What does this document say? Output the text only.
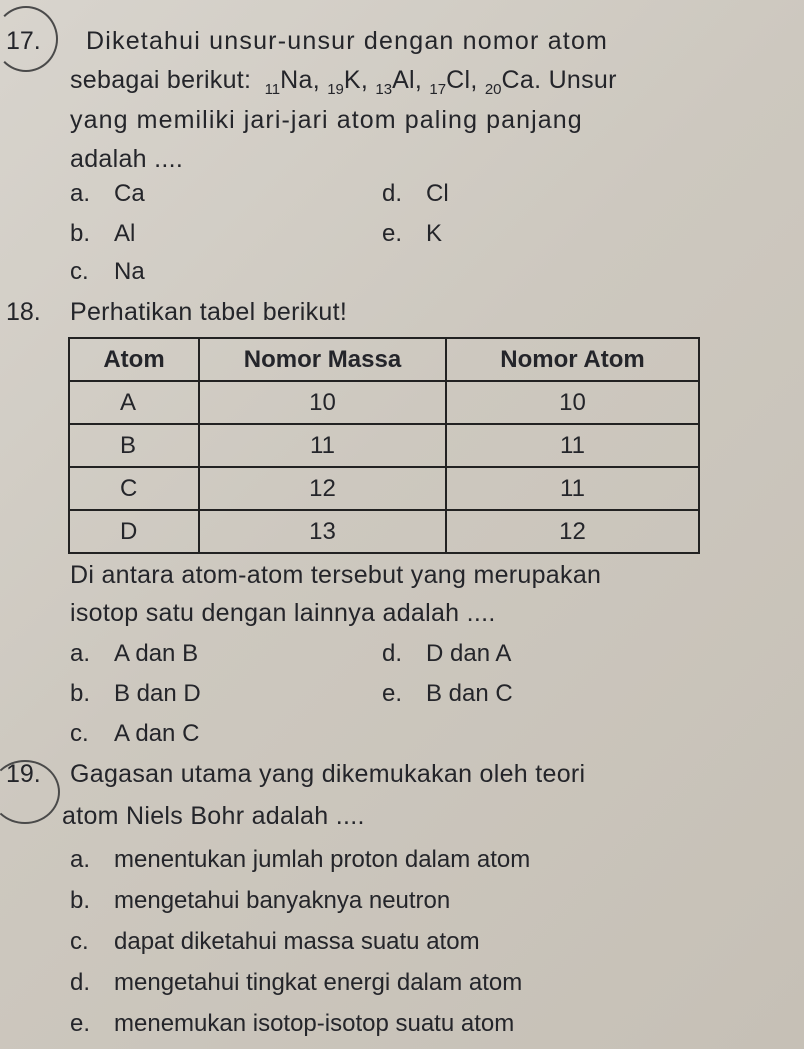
17. Diketahui unsur-unsur dengan nomor atom
sebagai berikut: $_{11}$Na, $_{19}$K, $_{13}$Al, $_{17}$Cl, $_{20}$Ca. Unsur
yang memiliki jari-jari atom paling panjang
adalah ....
a. Ca
b. Al
c. Na
d. Cl
e. K
18. Perhatikan tabel berikut!
Atom	Nomor Massa	Nomor Atom
A	10	10
B	11	11
C	12	11
D	13	12
Di antara atom-atom tersebut yang merupakan
isotop satu dengan lainnya adalah ....
a. A dan B
b. B dan D
c. A dan C
d. D dan A
e. B dan C
19. Gagasan utama yang dikemukakan oleh teori
atom Niels Bohr adalah ....
a. menentukan jumlah proton dalam atom
b. mengetahui banyaknya neutron
c. dapat diketahui massa suatu atom
d. mengetahui tingkat energi dalam atom
e. menemukan isotop-isotop suatu atom
